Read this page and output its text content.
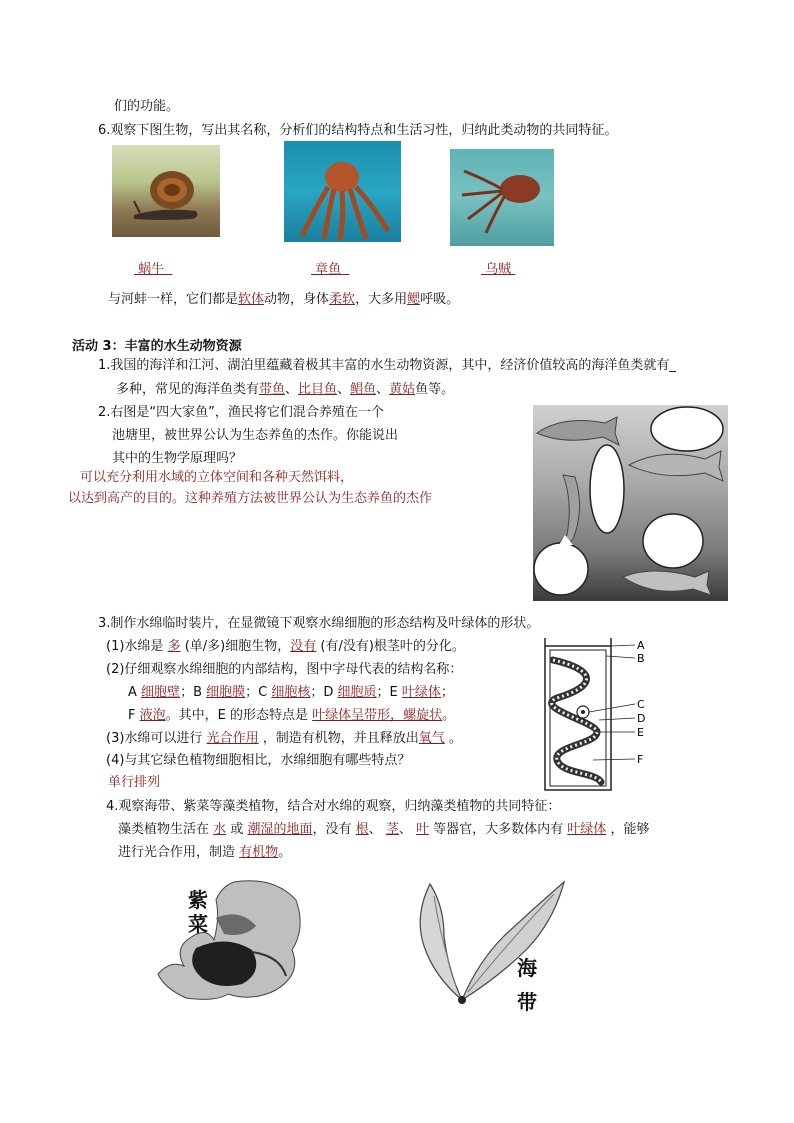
们的功能。
6.观察下图生物，写出其名称，分析们的结构特点和生活习性，归纳此类动物的共同特征。
蜗牛	章鱼	乌贼
与河蚌一样，它们都是软体动物，身体柔软，大多用鳃呼吸。
活动 3：丰富的水生动物资源
1.我国的海洋和江河、湖泊里蕴藏着极其丰富的水生动物资源，其中，经济价值较高的海洋鱼类就有_
多种，常见的海洋鱼类有带鱼、比目鱼、鲳鱼、黄姑鱼等。
2.右图是“四大家鱼”，渔民将它们混合养殖在一个
池塘里，被世界公认为生态养鱼的杰作。你能说出
其中的生物学原理吗？
可以充分利用水域的立体空间和各种天然饵料，
以达到高产的目的。这种养殖方法被世界公认为生态养鱼的杰作
3.制作水绵临时装片，在显微镜下观察水绵细胞的形态结构及叶绿体的形状。
(1)水绵是 多 (单/多)细胞生物，没有 (有/没有)根茎叶的分化。
(2)仔细观察水绵细胞的内部结构，图中字母代表的结构名称：
A 细胞壁；B 细胞膜；C 细胞核；D 细胞质；E 叶绿体；
F 液泡。其中，E 的形态特点是 叶绿体呈带形，螺旋状。
(3)水绵可以进行 光合作用 ，制造有机物，并且释放出氧气 。
(4)与其它绿色植物细胞相比，水绵细胞有哪些特点？
单行排列
A
B
C
D
E
F
4.观察海带、紫菜等藻类植物，结合对水绵的观察，归纳藻类植物的共同特征：
藻类植物生活在 水 或 潮湿的地面，没有 根、 茎、 叶 等器官，大多数体内有 叶绿体 ，能够
进行光合作用，制造 有机物。
紫
菜
海
带
